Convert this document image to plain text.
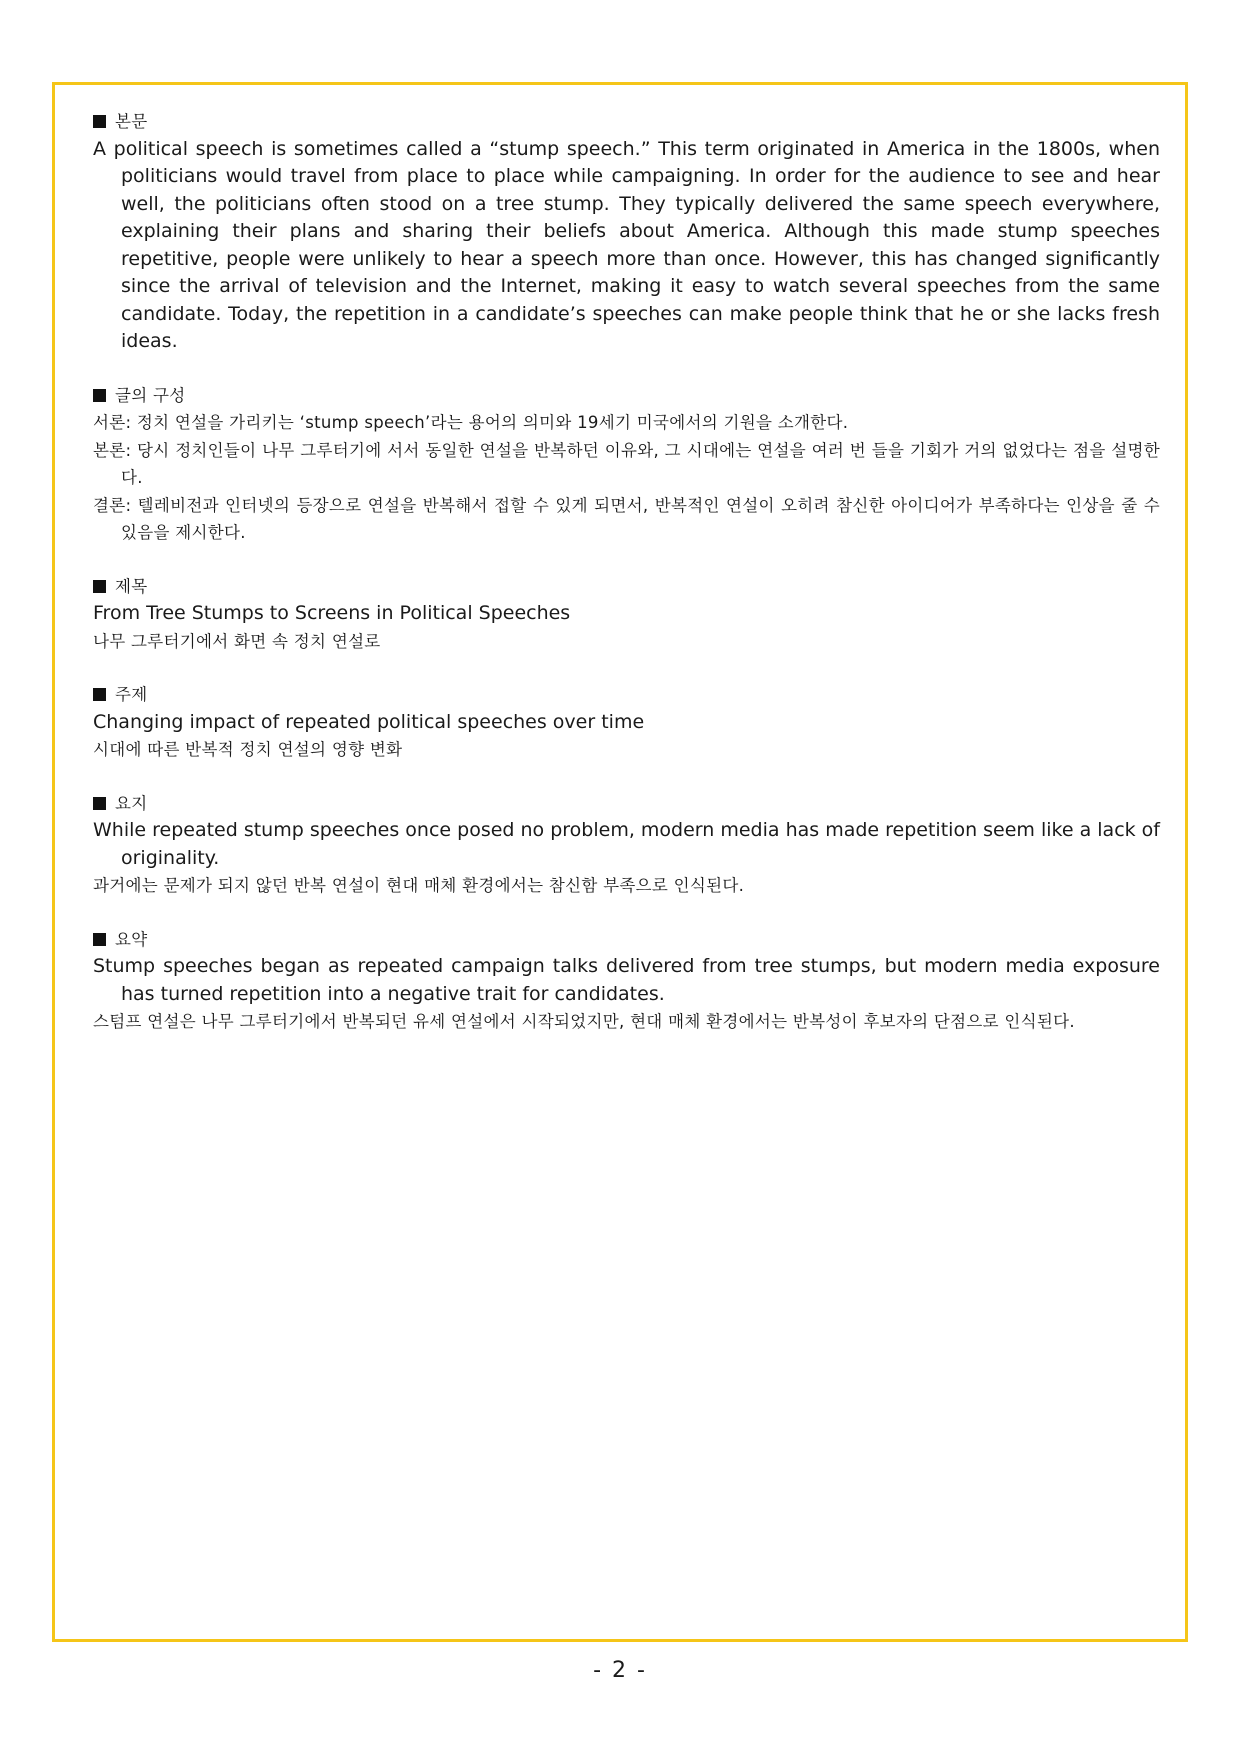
본문

A political speech is sometimes called a “stump speech.” This term originated in America in the 1800s, when politicians would travel from place to place while campaigning. In order for the audience to see and hear well, the politicians often stood on a tree stump. They typically delivered the same speech everywhere, explaining their plans and sharing their beliefs about America. Although this made stump speeches repetitive, people were unlikely to hear a speech more than once. However, this has changed significantly since the arrival of television and the Internet, making it easy to watch several speeches from the same candidate. Today, the repetition in a candidate’s speeches can make people think that he or she lacks fresh ideas.

글의 구성

서론: 정치 연설을 가리키는 ‘stump speech’라는 용어의 의미와 19세기 미국에서의 기원을 소개한다.

본론: 당시 정치인들이 나무 그루터기에 서서 동일한 연설을 반복하던 이유와, 그 시대에는 연설을 여러 번 들을 기회가 거의 없었다는 점을 설명한다.

결론: 텔레비전과 인터넷의 등장으로 연설을 반복해서 접할 수 있게 되면서, 반복적인 연설이 오히려 참신한 아이디어가 부족하다는 인상을 줄 수 있음을 제시한다.

제목

From Tree Stumps to Screens in Political Speeches

나무 그루터기에서 화면 속 정치 연설로

주제

Changing impact of repeated political speeches over time

시대에 따른 반복적 정치 연설의 영향 변화

요지

While repeated stump speeches once posed no problem, modern media has made repetition seem like a lack of originality.

과거에는 문제가 되지 않던 반복 연설이 현대 매체 환경에서는 참신함 부족으로 인식된다.

요약

Stump speeches began as repeated campaign talks delivered from tree stumps, but modern media exposure has turned repetition into a negative trait for candidates.

스텀프 연설은 나무 그루터기에서 반복되던 유세 연설에서 시작되었지만, 현대 매체 환경에서는 반복성이 후보자의 단점으로 인식된다.

- 2 -
